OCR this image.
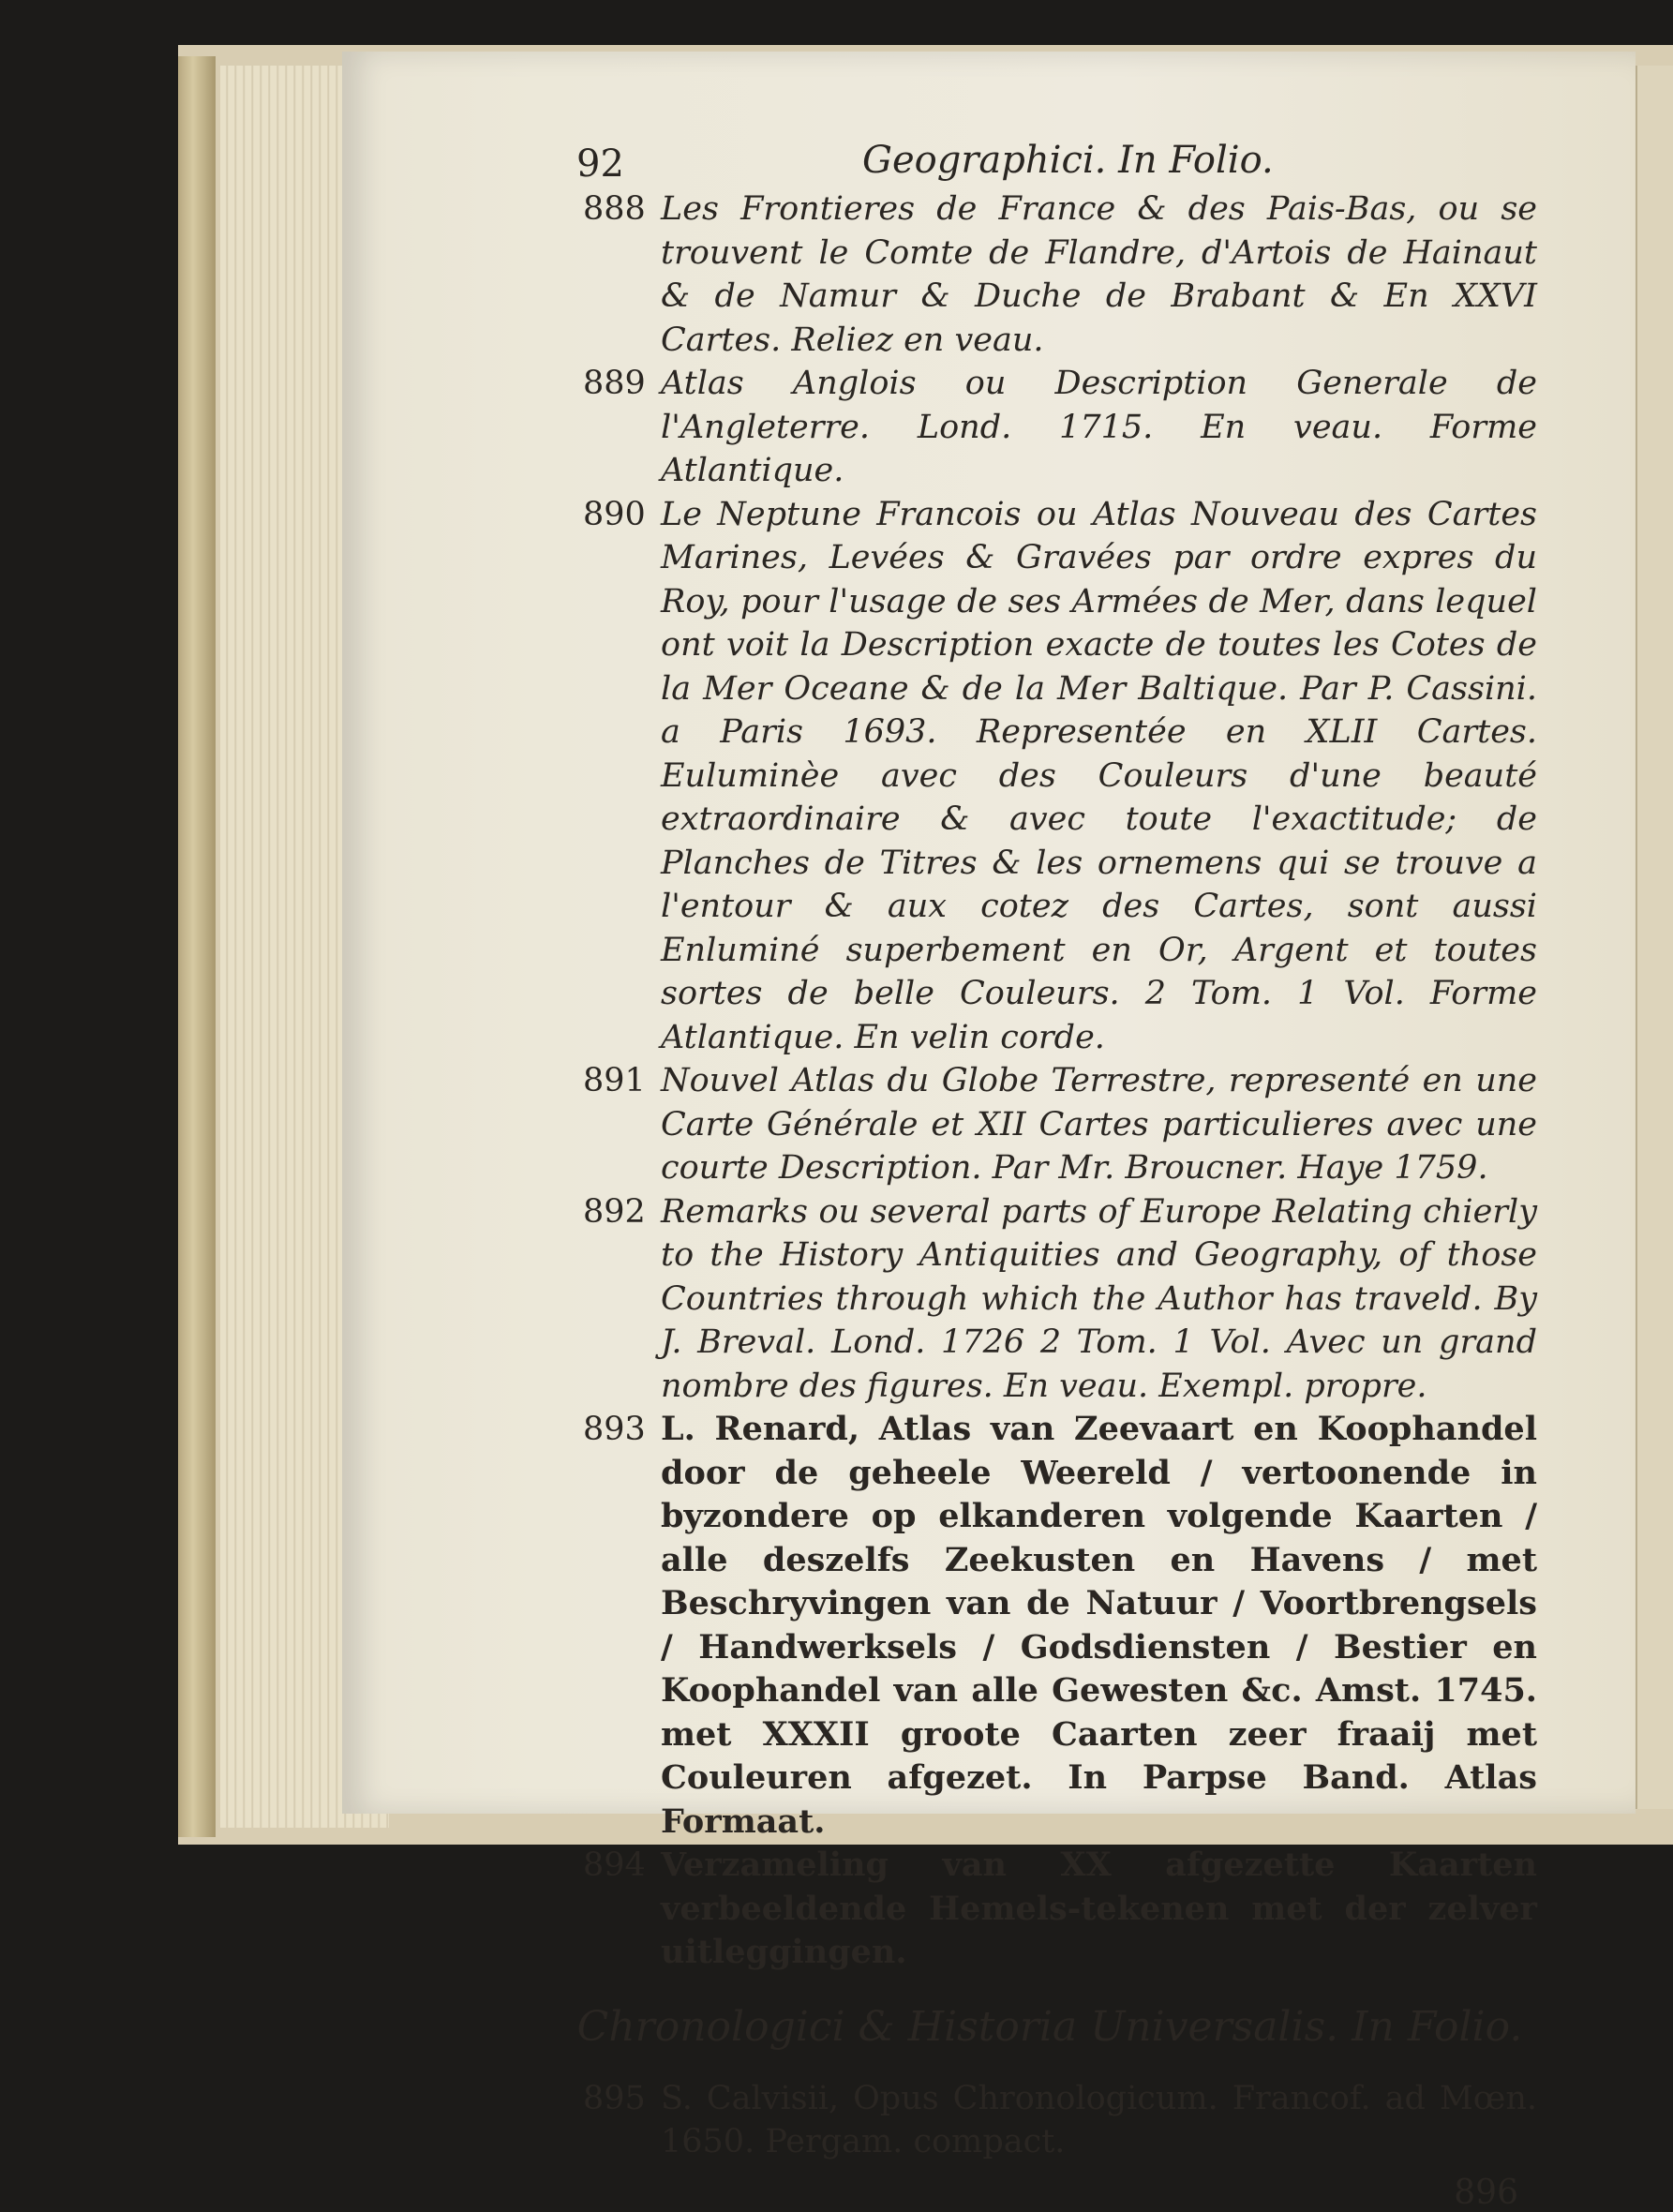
92	Geographici. In Folio.
888 Les Frontieres de France & des Pais-Bas, ou se trouvent le Comte de Flandre, d'Artois de Hainaut & de Namur & Duche de Brabant & En XXVI Cartes. Reliez en veau.
889 Atlas Anglois ou Description Generale de l'Angleterre. Lond. 1715. En veau. Forme Atlantique.
890 Le Neptune Francois ou Atlas Nouveau des Cartes Marines, Levées & Gravées par ordre expres du Roy, pour l'usage de ses Armées de Mer, dans lequel ont voit la Description exacte de toutes les Cotes de la Mer Oceane & de la Mer Baltique. Par P. Cassini. a Paris 1693. Representée en XLII Cartes. Euluminèe avec des Couleurs d'une beauté extraordinaire & avec toute l'exactitude; de Planches de Titres & les ornemens qui se trouve a l'entour & aux cotez des Cartes, sont aussi Enluminé superbement en Or, Argent et toutes sortes de belle Couleurs. 2 Tom. 1 Vol. Forme Atlantique. En velin corde.
891 Nouvel Atlas du Globe Terrestre, representé en une Carte Générale et XII Cartes particulieres avec une courte Description. Par Mr. Broucner. Haye 1759.
892 Remarks ou several parts of Europe Relating chierly to the History Antiquities and Geography, of those Countries through which the Author has traveld. By J. Breval. Lond. 1726 2 Tom. 1 Vol. Avec un grand nombre des figures. En veau. Exempl. propre.
893 L. Renard, Atlas van Zeevaart en Koophandel door de geheele Weereld / vertoonende in byzondere op elkanderen volgende Kaarten / alle deszelfs Zeekusten en Havens / met Beschryvingen van de Natuur / Voortbrengsels / Handwerksels / Godsdiensten / Bestier en Koophandel van alle Gewesten &c. Amst. 1745. met XXXII groote Caarten zeer fraaij met Couleuren afgezet. In Parpse Band. Atlas Formaat.
894 Verzameling van XX afgezette Kaarten verbeeldende Hemels-tekenen met der zelver uitleggingen.
Chronologici & Historia Universalis. In Folio.
895 S. Calvisii, Opus Chronologicum. Francof. ad Mœn. 1650. Pergam. compact.
896
